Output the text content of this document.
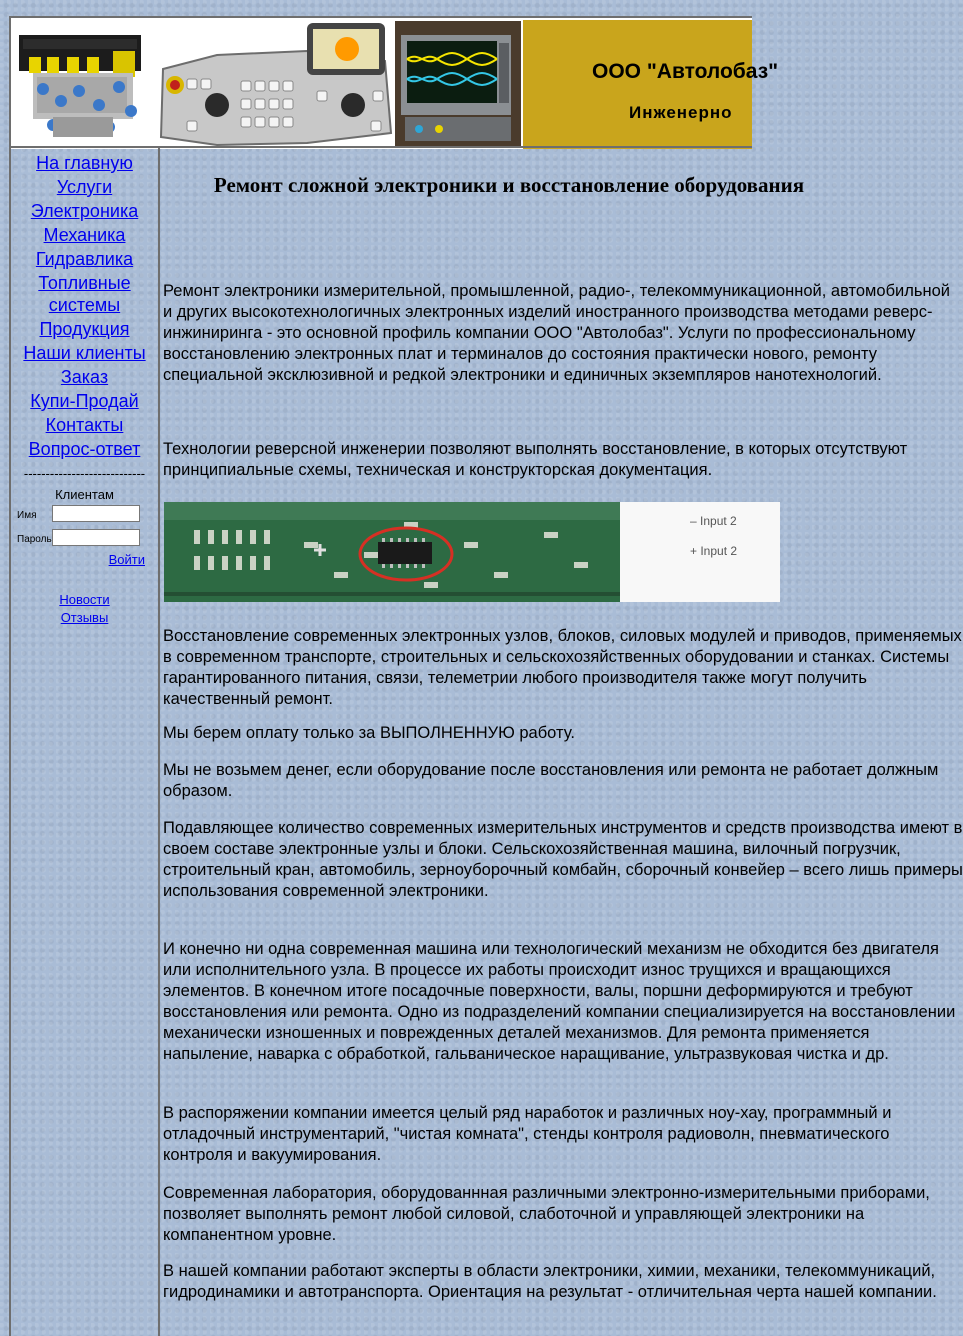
ООО "Автолобаз"
Инженерно
На главную
Услуги
Электроника
Механика
Гидравлика
Топливные системы
Продукция
Наши клиенты
Заказ
Купи-Продай
Контакты
Вопрос-ответ
----------------------------
Клиентам
Имя
Пароль
Войти
Новости
Отзывы
Ремонт сложной электроники и восстановление оборудования

Ремонт электроники измерительной, промышленной, радио-, телекоммуникационной, автомобильной и других высокотехнологичных электронных изделий иностранного производства методами реверс-инжиниринга - это основной профиль компании ООО "Автолобаз". Услуги по профессиональному восстановлению электронных плат и терминалов до состояния практически нового, ремонту специальной эксклюзивной и редкой электроники и единичных экземпляров нанотехнологий.

Технологии реверсной инженерии позволяют выполнять восстановление, в которых отсутствуют принципиальные схемы, техническая и конструкторская документация.

– Input 2
+ Input 2

Восстановление современных электронных узлов, блоков, силовых модулей и приводов, применяемых в современном транспорте, строительных и сельскохозяйственных оборудовании и станках. Системы гарантированного питания, связи, телеметрии любого производителя также могут получить качественный ремонт.

Мы берем оплату только за ВЫПОЛНЕННУЮ работу.

Мы не возьмем денег, если оборудование после восстановления или ремонта не работает должным образом.

Подавляющее количество современных измерительных инструментов и средств производства имеют в своем составе электронные узлы и блоки. Сельскохозяйственная машина, вилочный погрузчик, строительный кран, автомобиль, зерноуборочный комбайн, сборочный конвейер – всего лишь примеры использования современной электроники.

И конечно ни одна современная машина или технологический механизм не обходится без двигателя или исполнительного узла. В процессе их работы происходит износ трущихся и вращающихся элементов. В конечном итоге посадочные поверхности, валы, поршни деформируются и требуют восстановления или ремонта. Одно из подразделений компании специализируется на восстановлении механически изношенных и поврежденных деталей механизмов. Для ремонта применяется напыление, наварка с обработкой, гальваническое наращивание, ультразвуковая чистка и др.

В распоряжении компании имеется целый ряд наработок и различных ноу-хау, программный и отладочный инструментарий, "чистая комната", стенды контроля радиоволн, пневматического контроля и вакуумирования.

Современная лаборатория, оборудованнная различными электронно-измерительными приборами, позволяет выполнять ремонт любой силовой, слаботочной и управляющей электроники на компанентном уровне.

В нашей компании работают эксперты в области электроники, химии, механики, телекоммуникаций, гидродинамики и автотранспорта. Ориентация на результат - отличительная черта нашей компании.
